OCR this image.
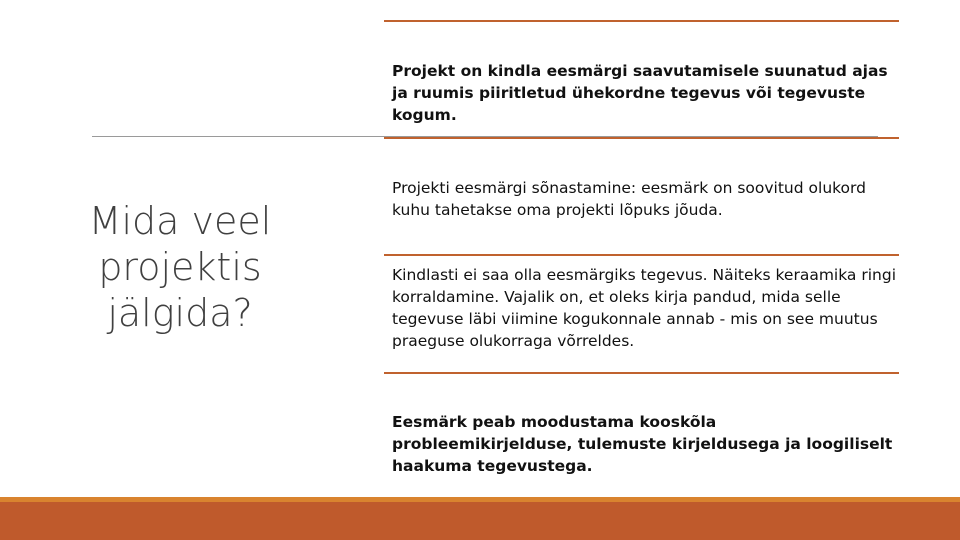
Mida veel projektis jälgida?
Projekt on kindla eesmärgi saavutamisele suunatud ajas ja ruumis piiritletud ühekordne tegevus või tegevuste kogum.
Projekti eesmärgi sõnastamine: eesmärk on soovitud olukord kuhu tahetakse oma projekti lõpuks jõuda.
Kindlasti ei saa olla eesmärgiks tegevus. Näiteks keraamika ringi korraldamine. Vajalik on, et oleks kirja pandud, mida selle tegevuse läbi viimine kogukonnale annab - mis on see muutus praeguse olukorraga võrreldes.
Eesmärk peab moodustama kooskõla probleemikirjelduse, tulemuste kirjeldusega ja loogiliselt haakuma tegevustega.
